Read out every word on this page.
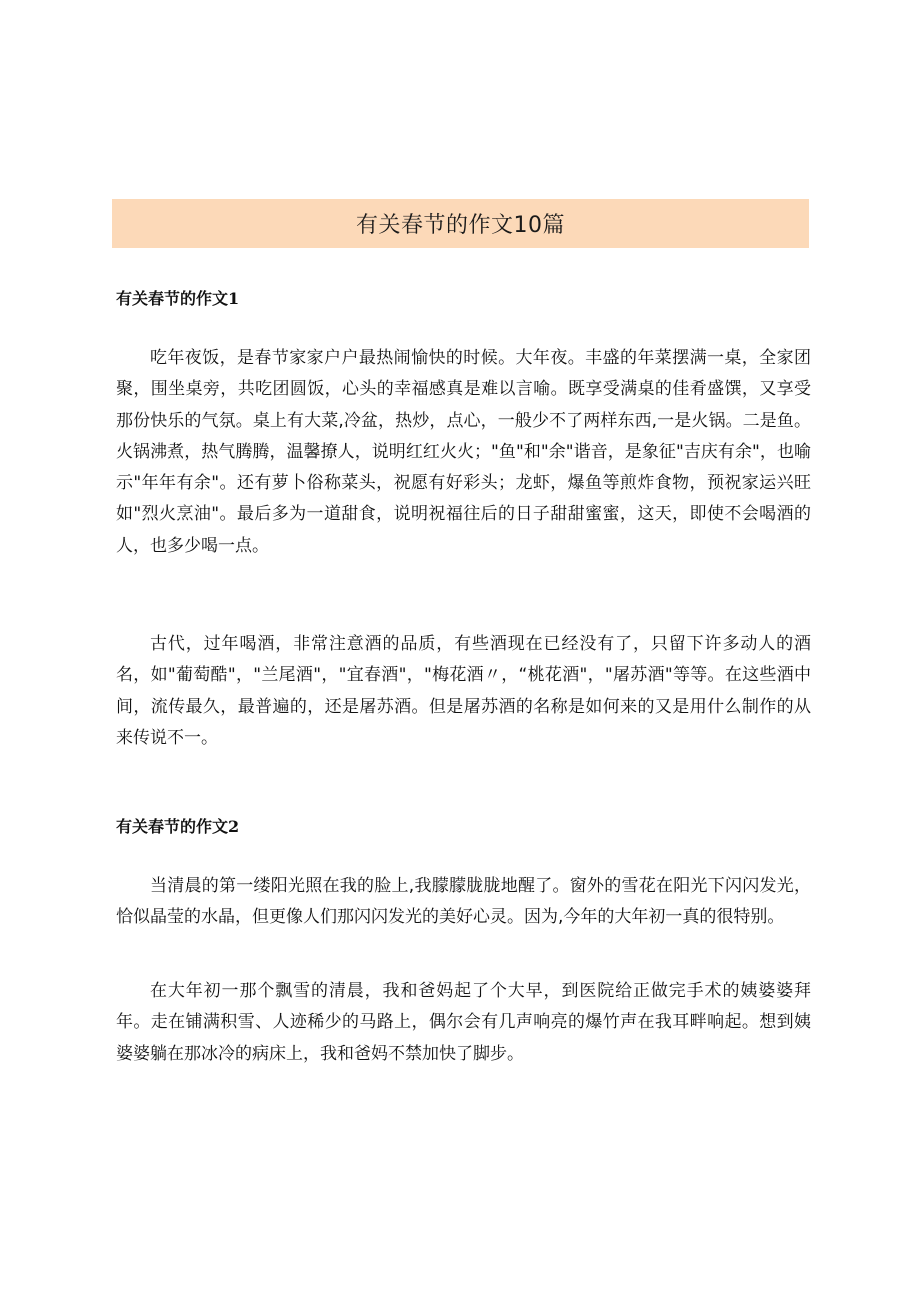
有关春节的作文10篇
有关春节的作文1

吃年夜饭，是春节家家户户最热闹愉快的时候。大年夜。丰盛的年菜摆满一桌，全家团聚，围坐桌旁，共吃团圆饭，心头的幸福感真是难以言喻。既享受满桌的佳肴盛馔，又享受那份快乐的气氛。桌上有大菜,冷盆，热炒，点心，一般少不了两样东西,一是火锅。二是鱼。火锅沸煮，热气腾腾，温馨撩人，说明红红火火；"鱼"和"余"谐音，是象征"吉庆有余"，也喻示"年年有余"。还有萝卜俗称菜头，祝愿有好彩头；龙虾，爆鱼等煎炸食物，预祝家运兴旺如"烈火烹油"。最后多为一道甜食，说明祝福往后的日子甜甜蜜蜜，这天，即使不会喝酒的人，也多少喝一点。

古代，过年喝酒，非常注意酒的品质，有些酒现在已经没有了，只留下许多动人的酒名，如"葡萄酷"，"兰尾酒"，"宜春酒"，"梅花酒〃，“桃花酒"，"屠苏酒"等等。在这些酒中间，流传最久，最普遍的，还是屠苏酒。但是屠苏酒的名称是如何来的又是用什么制作的从来传说不一。

有关春节的作文2

当清晨的第一缕阳光照在我的脸上,我朦朦胧胧地醒了。窗外的雪花在阳光下闪闪发光，恰似晶莹的水晶，但更像人们那闪闪发光的美好心灵。因为,今年的大年初一真的很特别。

在大年初一那个飘雪的清晨，我和爸妈起了个大早，到医院给正做完手术的姨婆婆拜年。走在铺满积雪、人迹稀少的马路上，偶尔会有几声响亮的爆竹声在我耳畔响起。想到姨婆婆躺在那冰冷的病床上，我和爸妈不禁加快了脚步。
